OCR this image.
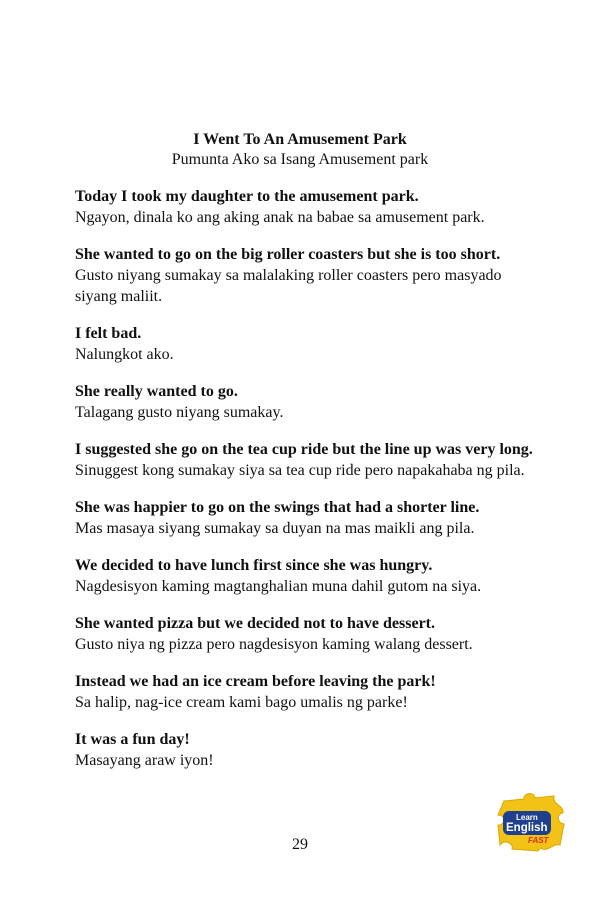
I Went To An Amusement Park
Pumunta Ako sa Isang Amusement park
Today I took my daughter to the amusement park.
Ngayon, dinala ko ang aking anak na babae sa amusement park.
She wanted to go on the big roller coasters but she is too short.
Gusto niyang sumakay sa malalaking roller coasters pero masyado siyang maliit.
I felt bad.
Nalungkot ako.
She really wanted to go.
Talagang gusto niyang sumakay.
I suggested she go on the tea cup ride but the line up was very long.
Sinuggest kong sumakay siya sa tea cup ride pero napakahaba ng pila.
She was happier to go on the swings that had a shorter line.
Mas masaya siyang sumakay sa duyan na mas maikli ang pila.
We decided to have lunch first since she was hungry.
Nagdesisyon kaming magtanghalian muna dahil gutom na siya.
She wanted pizza but we decided not to have dessert.
Gusto niya ng pizza pero nagdesisyon kaming walang dessert.
Instead we had an ice cream before leaving the park!
Sa halip, nag-ice cream kami bago umalis ng parke!
It was a fun day!
Masayang araw iyon!
29
Learn
English
FAST
